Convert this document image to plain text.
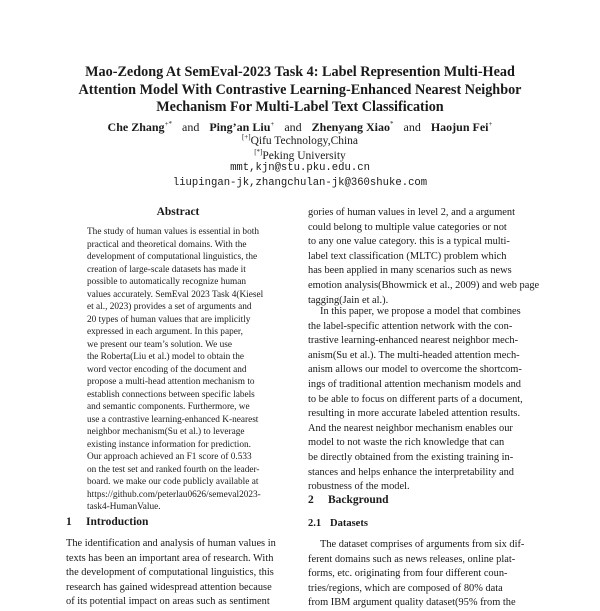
Mao-Zedong At SemEval-2023 Task 4: Label Represention Multi-Head
Attention Model With Contrastive Learning-Enhanced Nearest Neighbor
Mechanism For Multi-Label Text Classification
Che Zhang+* and Ping’an Liu+ and Zhenyang Xiao* and Haojun Fei+
[+]Qifu Technology,China
[*]Peking University
mmt,kjn@stu.pku.edu.cn
liupingan-jk,zhangchulan-jk@360shuke.com
Abstract
The study of human values is essential in both
practical and theoretical domains. With the
development of computational linguistics, the
creation of large-scale datasets has made it
possible to automatically recognize human
values accurately. SemEval 2023 Task 4(Kiesel
et al., 2023) provides a set of arguments and
20 types of human values that are implicitly
expressed in each argument. In this paper,
we present our team’s solution. We use
the Roberta(Liu et al.) model to obtain the
word vector encoding of the document and
propose a multi-head attention mechanism to
establish connections between specific labels
and semantic components. Furthermore, we
use a contrastive learning-enhanced K-nearest
neighbor mechanism(Su et al.) to leverage
existing instance information for prediction.
Our approach achieved an F1 score of 0.533
on the test set and ranked fourth on the leader-
board. we make our code publicly available at
https://github.com/peterlau0626/semeval2023-
task4-HumanValue.
1 Introduction
The identification and analysis of human values in
texts has been an important area of research. With
the development of computational linguistics, this
research has gained widespread attention because
of its potential impact on areas such as sentiment
gories of human values in level 2, and a argument
could belong to multiple value categories or not
to any one value category. this is a typical multi-
label text classification (MLTC) problem which
has been applied in many scenarios such as news
emotion analysis(Bhowmick et al., 2009) and web page
tagging(Jain et al.).
In this paper, we propose a model that combines
the label-specific attention network with the con-
trastive learning-enhanced nearest neighbor mech-
anism(Su et al.). The multi-headed attention mech-
anism allows our model to overcome the shortcom-
ings of traditional attention mechanism models and
to be able to focus on different parts of a document,
resulting in more accurate labeled attention results.
And the nearest neighbor mechanism enables our
model to not waste the rich knowledge that can
be directly obtained from the existing training in-
stances and helps enhance the interpretability and
robustness of the model.
2 Background
2.1 Datasets
The dataset comprises of arguments from six dif-
ferent domains such as news releases, online plat-
forms, etc. originating from four different coun-
tries/regions, which are composed of 80% data
from IBM argument quality dataset(95% from the
